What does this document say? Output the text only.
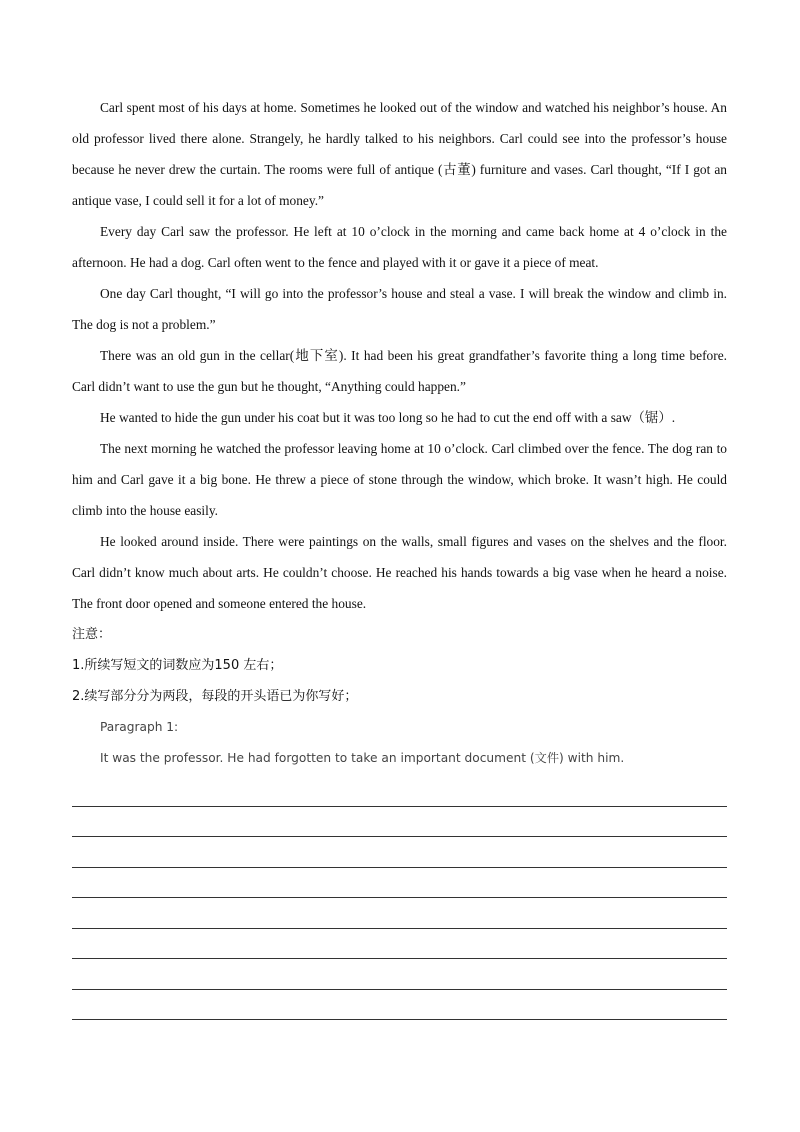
Carl spent most of his days at home. Sometimes he looked out of the window and watched his neighbor’s house. An old professor lived there alone. Strangely, he hardly talked to his neighbors. Carl could see into the professor’s house because he never drew the curtain. The rooms were full of antique (古董) furniture and vases. Carl thought, “If I got an antique vase, I could sell it for a lot of money.”

Every day Carl saw the professor. He left at 10 o’clock in the morning and came back home at 4 o’clock in the afternoon. He had a dog. Carl often went to the fence and played with it or gave it a piece of meat.

One day Carl thought, “I will go into the professor’s house and steal a vase. I will break the window and climb in. The dog is not a problem.”

There was an old gun in the cellar(地下室). It had been his great grandfather’s favorite thing a long time before. Carl didn’t want to use the gun but he thought, “Anything could happen.”

He wanted to hide the gun under his coat but it was too long so he had to cut the end off with a saw（锯）.

The next morning he watched the professor leaving home at 10 o’clock. Carl climbed over the fence. The dog ran to him and Carl gave it a big bone. He threw a piece of stone through the window, which broke. It wasn’t high. He could climb into the house easily.

He looked around inside. There were paintings on the walls, small figures and vases on the shelves and the floor. Carl didn’t know much about arts. He couldn’t choose. He reached his hands towards a big vase when he heard a noise. The front door opened and someone entered the house.

注意：

1.所续写短文的词数应为150 左右；

2.续写部分分为两段，每段的开头语已为你写好；

Paragraph 1:

It was the professor. He had forgotten to take an important document (文件) with him.
